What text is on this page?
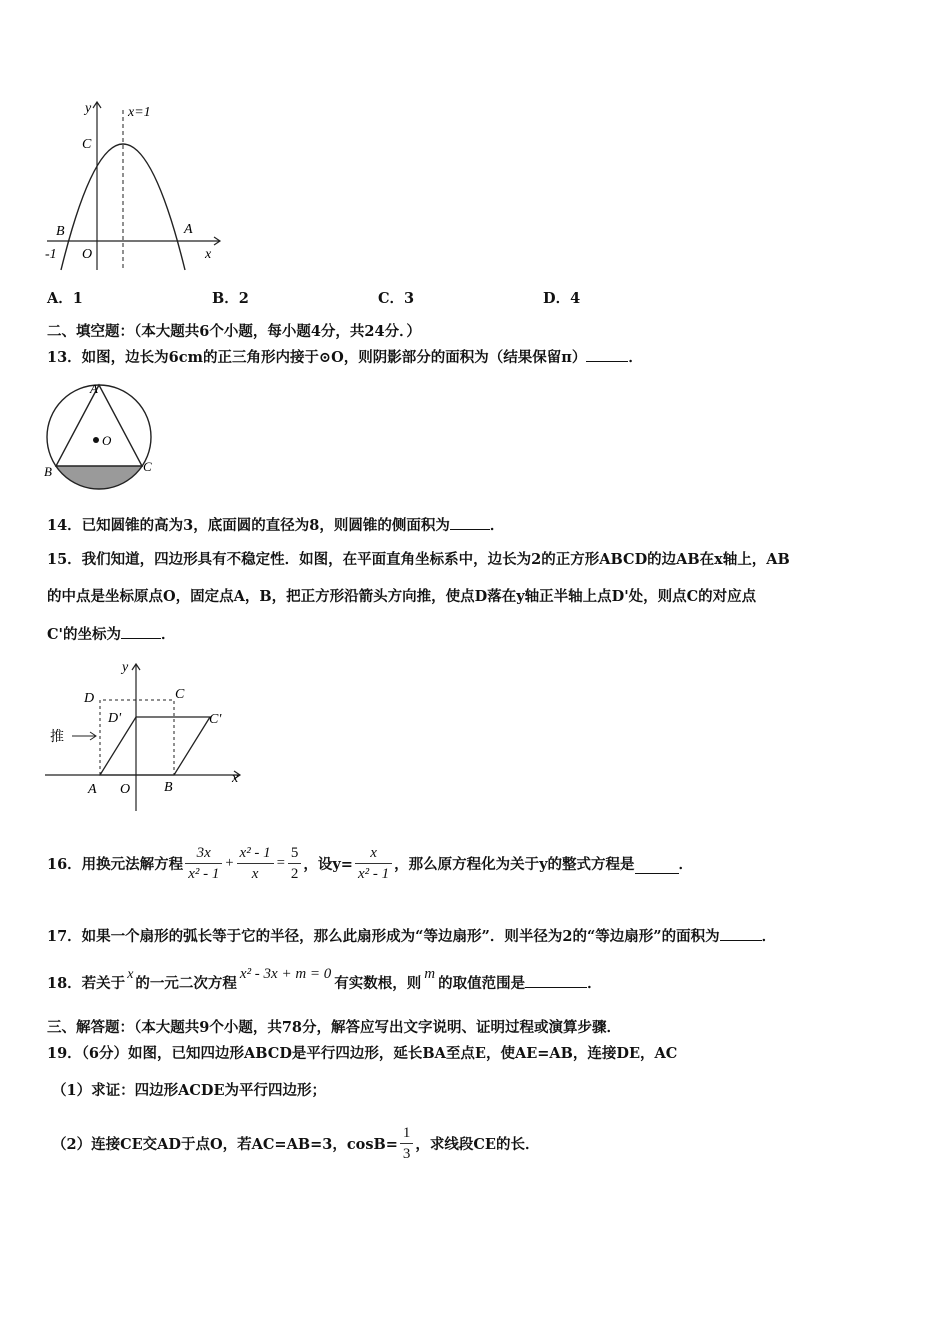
y	x=1
C
B	A
O
-1	x
A．1	B．2	C．3	D．4
二、填空题：（本大题共6个小题，每小题4分，共24分．）
13．如图，边长为6cm的正三角形内接于⊙O，则阴影部分的面积为（结果保留π）	．
A
O
B	C
14．已知圆锥的高为3，底面圆的直径为8，则圆锥的侧面积为	．
15．我们知道，四边形具有不稳定性．如图，在平面直角坐标系中，边长为2的正方形ABCD的边AB在x轴上，AB
的中点是坐标原点O，固定点A，B，把正方形沿箭头方向推，使点D落在y轴正半轴上点D'处，则点C的对应点
C'的坐标为	．
推
y
D	C
D'	C'
A O B
x
16．用换元法解方程 $\frac{3x}{\text{x² - 1}} + \frac{\text{x² - 1}}{x} = \frac{5}{2}$ ，设$y= \frac{x}{\text{x² - 1}}$ ，那么原方程化为关于y的整式方程是	．
17．如果一个扇形的弧长等于它的半径，那么此扇形成为“等边扇形”．则半径为2的“等边扇形”的面积为	．
18．若关于x的一元二次方程x² - 3x + m = 0有实数根，则m的取值范围是	．
三、解答题：（本大题共9个小题，共78分，解答应写出文字说明、证明过程或演算步骤．
19．（6分）如图，已知四边形ABCD是平行四边形，延长BA至点E，使AE=AB，连接DE，AC
（1）求证：四边形ACDE为平行四边形；
（2）连接CE交AD于点O，若AC=AB=3，$\cos B= \frac{1}{3}$ ，求线段CE的长．
